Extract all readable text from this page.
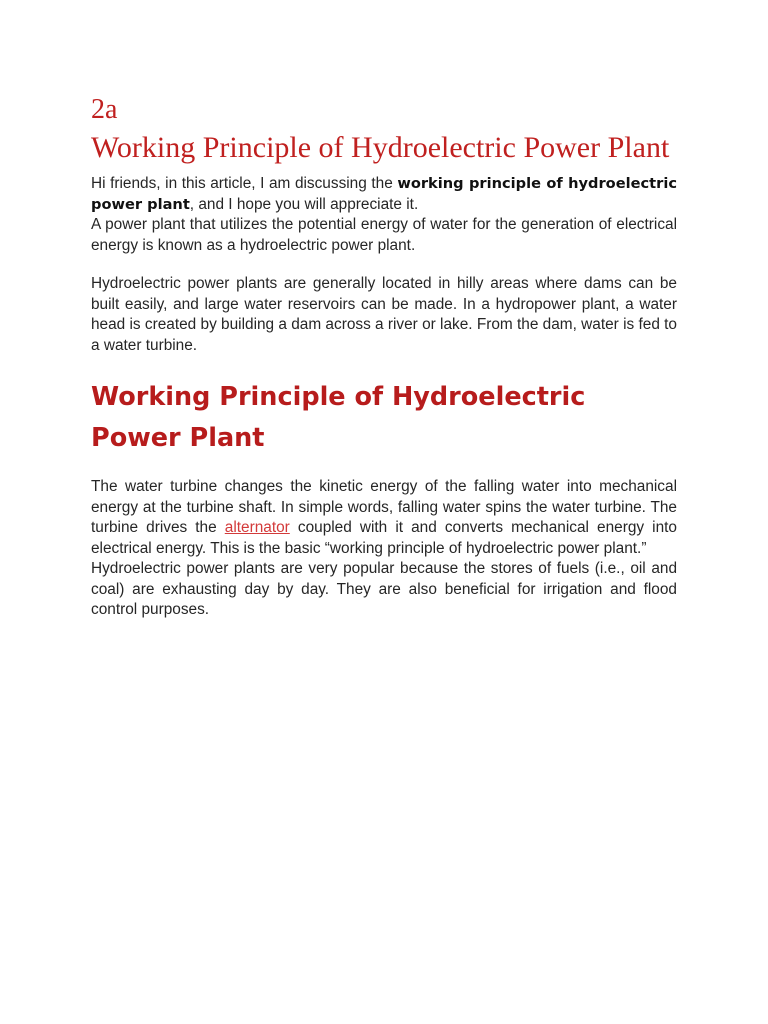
2a

Working Principle of Hydroelectric Power Plant

Hi friends, in this article, I am discussing the working principle of hydroelectric power plant, and I hope you will appreciate it.

A power plant that utilizes the potential energy of water for the generation of electrical energy is known as a hydroelectric power plant.

Hydroelectric power plants are generally located in hilly areas where dams can be built easily, and large water reservoirs can be made. In a hydropower plant, a water head is created by building a dam across a river or lake. From the dam, water is fed to a water turbine.

Working Principle of Hydroelectric
Power Plant

The water turbine changes the kinetic energy of the falling water into mechanical energy at the turbine shaft. In simple words, falling water spins the water turbine. The turbine drives the alternator coupled with it and converts mechanical energy into electrical energy. This is the basic “working principle of hydroelectric power plant.”

Hydroelectric power plants are very popular because the stores of fuels (i.e., oil and coal) are exhausting day by day. They are also beneficial for irrigation and flood control purposes.
